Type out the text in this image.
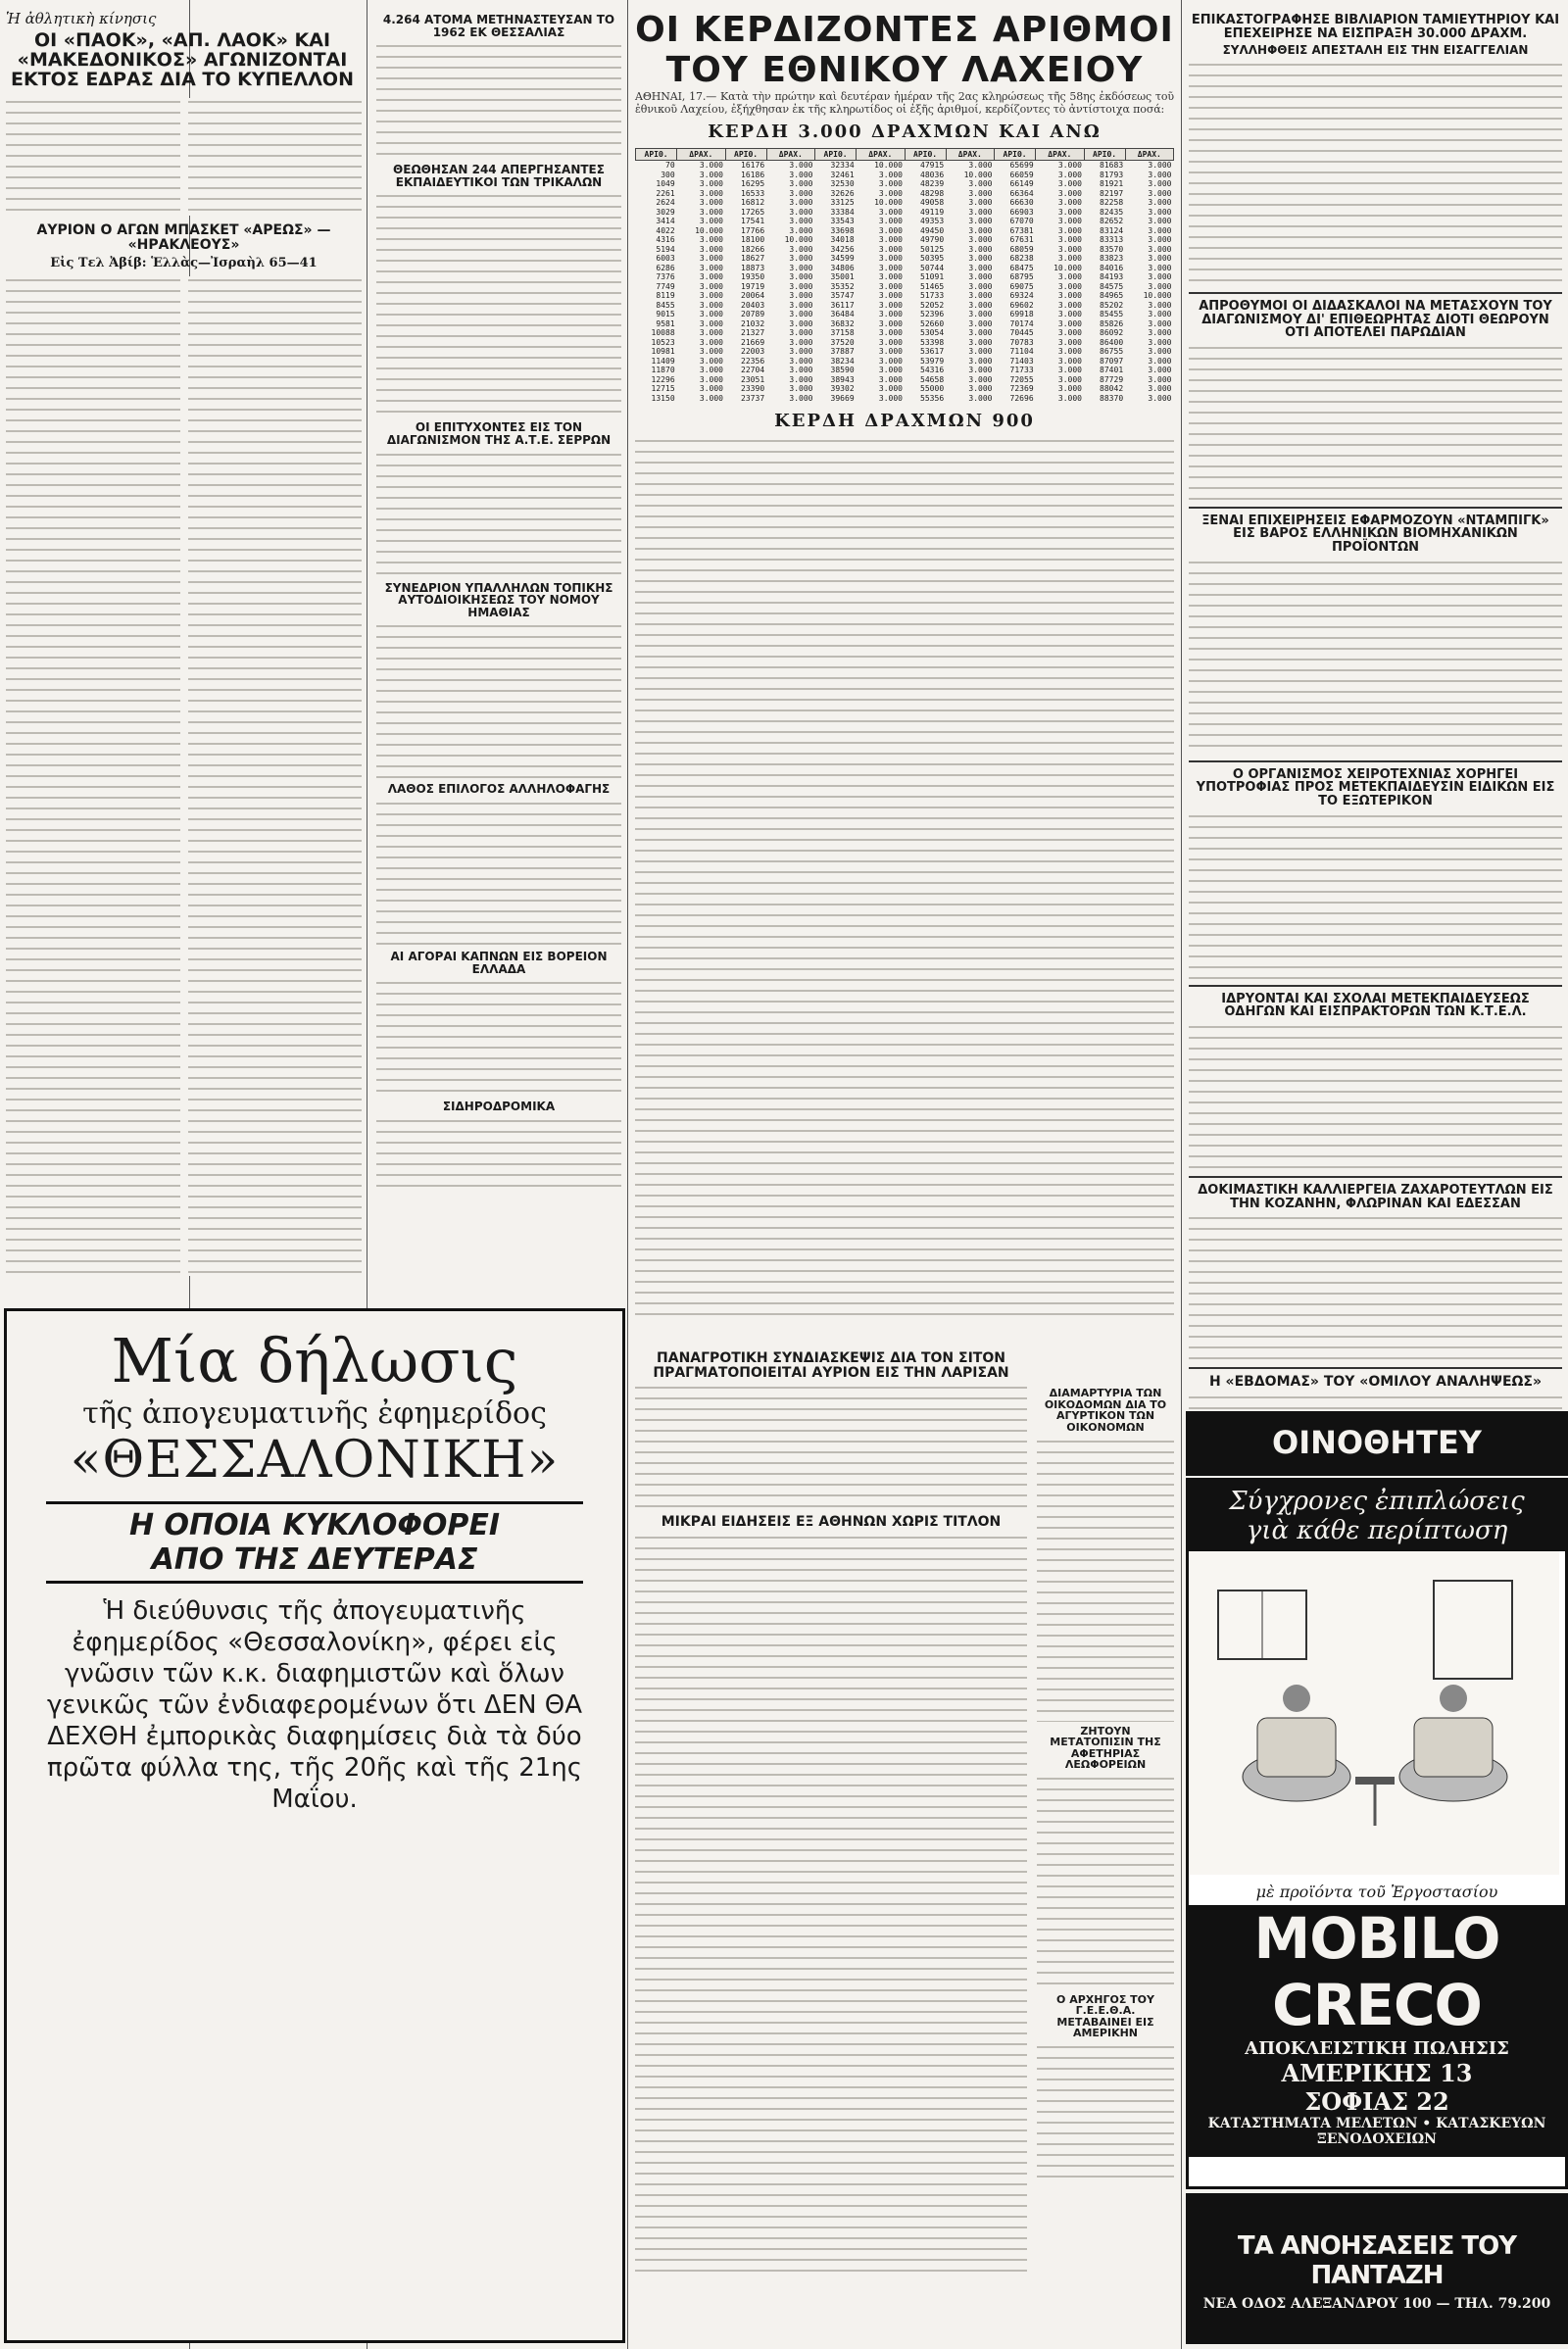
Ἡ ἀθλητικὴ κίνησις
ΟΙ «ΠΑΟΚ», «ΑΠ. ΛΑΟΚ» ΚΑΙ «ΜΑΚΕΔΟΝΙΚΟΣ» ΑΓΩΝΙΖΟΝΤΑΙ ΕΚΤΟΣ ΕΔΡΑΣ ΔΙΑ ΤΟ ΚΥΠΕΛΛΟΝ
ΑΥΡΙΟΝ Ο ΑΓΩΝ ΜΠΑΣΚΕΤ «ΑΡΕΩΣ» — «ΗΡΑΚΛΕΟΥΣ»
Εἰς Τελ Ἀβίβ: Ἑλλὰς—Ἰσραὴλ 65—41
4.264 ΑΤΟΜΑ ΜΕΤΗΝΑΣΤΕΥΣΑΝ ΤΟ 1962 ΕΚ ΘΕΣΣΑΛΙΑΣ
ΘΕΩΘΗΣΑΝ 244 ΑΠΕΡΓΗΣΑΝΤΕΣ ΕΚΠΑΙΔΕΥΤΙΚΟΙ ΤΩΝ ΤΡΙΚΑΛΩΝ
ΟΙ ΕΠΙΤΥΧΟΝΤΕΣ ΕΙΣ ΤΟΝ ΔΙΑΓΩΝΙΣΜΟΝ ΤΗΣ Α.Τ.Ε. ΣΕΡΡΩΝ
ΣΥΝΕΔΡΙΟΝ ΥΠΑΛΛΗΛΩΝ ΤΟΠΙΚΗΣ ΑΥΤΟΔΙΟΙΚΗΣΕΩΣ ΤΟΥ ΝΟΜΟΥ ΗΜΑΘΙΑΣ
ΛΑΘΟΣ ΕΠΙΛΟΓΟΣ ΑΛΛΗΛΟΦΑΓΗΣ
ΑΙ ΑΓΟΡΑΙ ΚΑΠΝΩΝ ΕΙΣ ΒΟΡΕΙΟΝ ΕΛΛΑΔΑ
ΣΙΔΗΡΟΔΡΟΜΙΚΑ
ΟΙ ΚΕΡΔΙΖΟΝΤΕΣ ΑΡΙΘΜΟΙ ΤΟΥ ΕΘΝΙΚΟΥ ΛΑΧΕΙΟΥ
ΑΘΗΝΑΙ, 17.— Κατὰ τὴν πρώτην καὶ δευτέραν ἡμέραν τῆς 2ας κληρώσεως τῆς 58ης ἐκδόσεως τοῦ ἐθνικοῦ Λαχείου, ἐξήχθησαν ἐκ τῆς κληρωτίδος οἱ ἑξῆς ἀριθμοί, κερδίζοντες τὸ ἀντίστοιχα ποσά:
ΚΕΡΔΗ 3.000 ΔΡΑΧΜΩΝ ΚΑΙ ΑΝΩ
ΑΡΙΘ.	ΔΡΑΧ.	ΑΡΙΘ.	ΔΡΑΧ.	ΑΡΙΘ.	ΔΡΑΧ.	ΑΡΙΘ.	ΔΡΑΧ.	ΑΡΙΘ.	ΔΡΑΧ.	ΑΡΙΘ.	ΔΡΑΧ.
70	3.000	16176	3.000	32334	10.000	47915	3.000	65699	3.000	81683	3.000
300	3.000	16186	3.000	32461	3.000	48036	10.000	66059	3.000	81793	3.000
1049	3.000	16295	3.000	32530	3.000	48239	3.000	66149	3.000	81921	3.000
2261	3.000	16533	3.000	32626	3.000	48298	3.000	66364	3.000	82197	3.000
2624	3.000	16812	3.000	33125	10.000	49058	3.000	66630	3.000	82258	3.000
3029	3.000	17265	3.000	33384	3.000	49119	3.000	66903	3.000	82435	3.000
3414	3.000	17541	3.000	33543	3.000	49353	3.000	67070	3.000	82652	3.000
4022	10.000	17766	3.000	33698	3.000	49450	3.000	67381	3.000	83124	3.000
4316	3.000	18100	10.000	34018	3.000	49790	3.000	67631	3.000	83313	3.000
5194	3.000	18266	3.000	34256	3.000	50125	3.000	68059	3.000	83570	3.000
6003	3.000	18627	3.000	34599	3.000	50395	3.000	68238	3.000	83823	3.000
6286	3.000	18873	3.000	34806	3.000	50744	3.000	68475	10.000	84016	3.000
7376	3.000	19350	3.000	35001	3.000	51091	3.000	68795	3.000	84193	3.000
7749	3.000	19719	3.000	35352	3.000	51465	3.000	69075	3.000	84575	3.000
8119	3.000	20064	3.000	35747	3.000	51733	3.000	69324	3.000	84965	10.000
8455	3.000	20403	3.000	36117	3.000	52052	3.000	69602	3.000	85202	3.000
9015	3.000	20789	3.000	36484	3.000	52396	3.000	69918	3.000	85455	3.000
9581	3.000	21032	3.000	36832	3.000	52660	3.000	70174	3.000	85826	3.000
10088	3.000	21327	3.000	37158	3.000	53054	3.000	70445	3.000	86092	3.000
10523	3.000	21669	3.000	37520	3.000	53398	3.000	70783	3.000	86400	3.000
10981	3.000	22003	3.000	37887	3.000	53617	3.000	71104	3.000	86755	3.000
11409	3.000	22356	3.000	38234	3.000	53979	3.000	71403	3.000	87097	3.000
11870	3.000	22704	3.000	38590	3.000	54316	3.000	71733	3.000	87401	3.000
12296	3.000	23051	3.000	38943	3.000	54658	3.000	72055	3.000	87729	3.000
12715	3.000	23390	3.000	39302	3.000	55000	3.000	72369	3.000	88042	3.000
13150	3.000	23737	3.000	39669	3.000	55356	3.000	72696	3.000	88370	3.000
ΚΕΡΔΗ ΔΡΑΧΜΩΝ 900
ΕΠΙΚΑΣΤΟΓΡΑΦΗΣΕ ΒΙΒΛΙΑΡΙΟΝ ΤΑΜΙΕΥΤΗΡΙΟΥ ΚΑΙ ΕΠΕΧΕΙΡΗΣΕ ΝΑ ΕΙΣΠΡΑΞΗ 30.000 ΔΡΑΧΜ.
ΣΥΛΛΗΦΘΕΙΣ ΑΠΕΣΤΑΛΗ ΕΙΣ ΤΗΝ ΕΙΣΑΓΓΕΛΙΑΝ
ΑΠΡΟΘΥΜΟΙ ΟΙ ΔΙΔΑΣΚΑΛΟΙ ΝΑ ΜΕΤΑΣΧΟΥΝ ΤΟΥ ΔΙΑΓΩΝΙΣΜΟΥ ΔΙ' ΕΠΙΘΕΩΡΗΤΑΣ ΔΙΟΤΙ ΘΕΩΡΟΥΝ ΟΤΙ ΑΠΟΤΕΛΕΙ ΠΑΡΩΔΙΑΝ
ΞΕΝΑΙ ΕΠΙΧΕΙΡΗΣΕΙΣ ΕΦΑΡΜΟΖΟΥΝ «ΝΤΑΜΠΙΓΚ» ΕΙΣ ΒΑΡΟΣ ΕΛΛΗΝΙΚΩΝ ΒΙΟΜΗΧΑΝΙΚΩΝ ΠΡΟΪΟΝΤΩΝ
Ο ΟΡΓΑΝΙΣΜΟΣ ΧΕΙΡΟΤΕΧΝΙΑΣ ΧΟΡΗΓΕΙ ΥΠΟΤΡΟΦΙΑΣ ΠΡΟΣ ΜΕΤΕΚΠΑΙΔΕΥΣΙΝ ΕΙΔΙΚΩΝ ΕΙΣ ΤΟ ΕΞΩΤΕΡΙΚΟΝ
ΙΔΡΥΟΝΤΑΙ ΚΑΙ ΣΧΟΛΑΙ ΜΕΤΕΚΠΑΙΔΕΥΣΕΩΣ ΟΔΗΓΩΝ ΚΑΙ ΕΙΣΠΡΑΚΤΟΡΩΝ ΤΩΝ Κ.Τ.Ε.Λ.
ΔΟΚΙΜΑΣΤΙΚΗ ΚΑΛΛΙΕΡΓΕΙΑ ΖΑΧΑΡΟΤΕΥΤΛΩΝ ΕΙΣ ΤΗΝ ΚΟΖΑΝΗΝ, ΦΛΩΡΙΝΑΝ ΚΑΙ ΕΔΕΣΣΑΝ
Η «ΕΒΔΟΜΑΣ» ΤΟΥ «ΟΜΙΛΟΥ ΑΝΑΛΗΨΕΩΣ»
ΠΑΝΑΓΡΟΤΙΚΗ ΣΥΝΔΙΑΣΚΕΨΙΣ ΔΙΑ ΤΟΝ ΣΙΤΟΝ ΠΡΑΓΜΑΤΟΠΟΙΕΙΤΑΙ ΑΥΡΙΟΝ ΕΙΣ ΤΗΝ ΛΑΡΙΣΑΝ
ΜΙΚΡΑΙ ΕΙΔΗΣΕΙΣ ΕΞ ΑΘΗΝΩΝ ΧΩΡΙΣ ΤΙΤΛΟΝ
ΔΙΑΜΑΡΤΥΡΙΑ ΤΩΝ ΟΙΚΟΔΟΜΩΝ ΔΙΑ ΤΟ ΑΓΥΡΤΙΚΟΝ ΤΩΝ ΟΙΚΟΝΟΜΩΝ
ΖΗΤΟΥΝ ΜΕΤΑΤΟΠΙΣΙΝ ΤΗΣ ΑΦΕΤΗΡΙΑΣ ΛΕΩΦΟΡΕΙΩΝ
Ο ΑΡΧΗΓΟΣ ΤΟΥ Γ.Ε.Ε.Θ.Α. ΜΕΤΑΒΑΙΝΕΙ ΕΙΣ ΑΜΕΡΙΚΗΝ
Μία δήλωσις
τῆς ἀπογευματινῆς ἐφημερίδος
«ΘΕΣΣΑΛΟΝΙΚΗ»
Η ΟΠΟΙΑ ΚΥΚΛΟΦΟΡΕΙ
ΑΠΟ ΤΗΣ ΔΕΥΤΕΡΑΣ
Ἡ διεύθυνσις τῆς ἀπογευματινῆς ἐφημερίδος «Θεσσαλονίκη», φέρει εἰς γνῶσιν τῶν κ.κ. διαφημιστῶν καὶ ὅλων γενικῶς τῶν ἐνδιαφερομένων ὅτι ΔΕΝ ΘΑ ΔΕΧΘΗ ἐμπορικὰς διαφημίσεις διὰ τὰ δύο πρῶτα φύλλα της, τῆς 20ῆς καὶ τῆς 21ης Μαΐου.
ΟΙΝΟΘΗΤΕΥ
Σύγχρονες ἐπιπλώσεις
γιὰ κάθε περίπτωση
μὲ προϊόντα τοῦ Ἐργοστασίου
MOBILO CRECO
ΑΠΟΚΛΕΙΣΤΙΚΗ ΠΩΛΗΣΙΣ
ΑΜΕΡΙΚΗΣ 13
ΣΟΦΙΑΣ 22
ΚΑΤΑΣΤΗΜΑΤΑ ΜΕΛΕΤΩΝ • ΚΑΤΑΣΚΕΥΩΝ ΞΕΝΟΔΟΧΕΙΩΝ
ΤΑ ΑΝΟΗΣΑΣΕΙΣ ΤΟΥ ΠΑΝΤΑΖΗ
ΝΕΑ ΟΔΟΣ ΑΛΕΞΑΝΔΡΟΥ 100 — ΤΗΛ. 79.200
